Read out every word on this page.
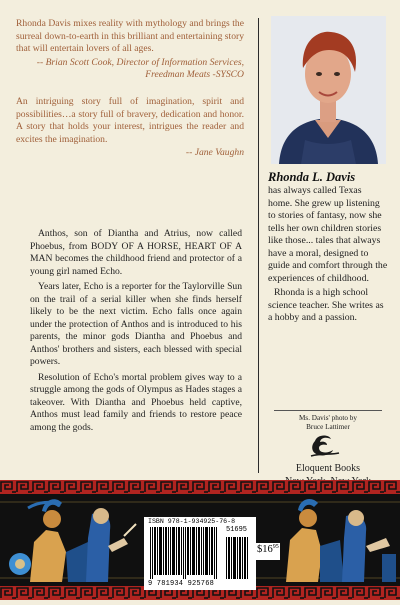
Rhonda Davis mixes reality with mythology and brings the surreal down-to-earth in this brilliant and entertaining story that will entertain lovers of all ages.
-- Brian Scott Cook, Director of Information Services, Freedman Meats -SYSCO
An intriguing story full of imagination, spirit and possibilities…a story full of bravery, dedication and honor. A story that holds your interest, intrigues the reader and excites the imagination.
-- Jane Vaughn

Anthos, son of Diantha and Atrius, now called Phoebus, from BODY OF A HORSE, HEART OF A MAN becomes the childhood friend and protector of a young girl named Echo.

Years later, Echo is a reporter for the Taylorville Sun on the trail of a serial killer when she finds herself likely to be the next victim. Echo falls once again under the protection of Anthos and is introduced to his parents, the minor gods Diantha and Phoebus and Anthos' brothers and sisters, each blessed with special powers.

Resolution of Echo's mortal problem gives way to a struggle among the gods of Olympus as Hades stages a takeover. With Diantha and Phoebus held captive, Anthos must lead family and friends to restore peace among the gods.

Rhonda L. Davis

has always called Texas home. She grew up listening to stories of fantasy, now she tells her own children stories like those... tales that always have a moral, designed to guide and comfort through the experiences of childhood.

Rhonda is a high school science teacher. She writes as a hobby and a passion.

Ms. Davis' photo by
Bruce Lattimer
Eloquent Books
ISBN 978-1-934925-76-8
51695
9 781934 925768
$\$16^{95}$
